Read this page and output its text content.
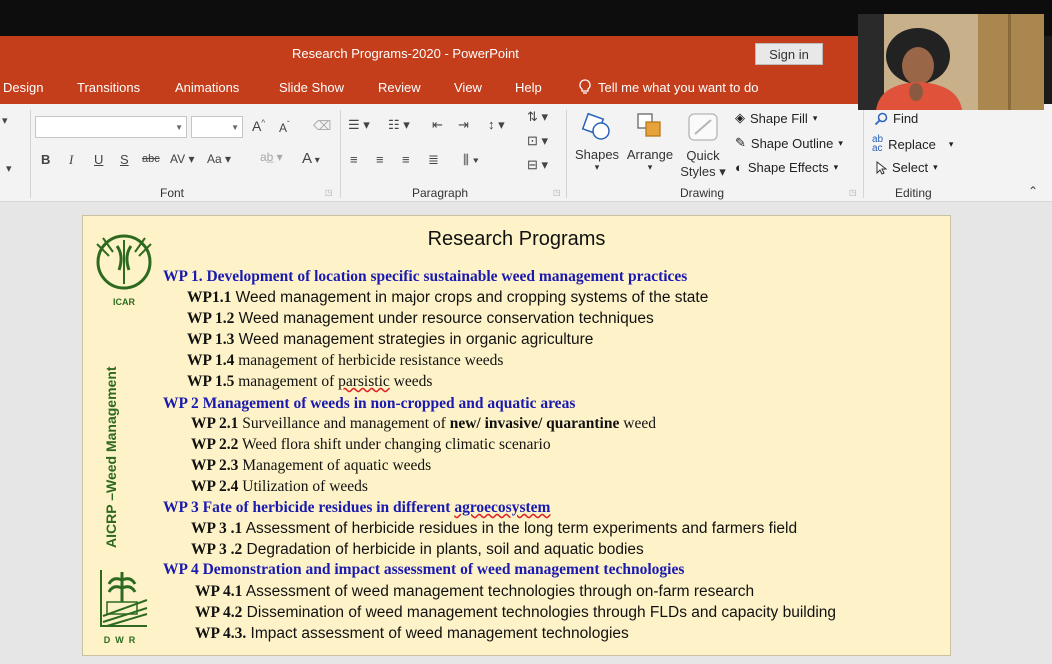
Research Programs-2020 - PowerPoint	Sign in
Design	Transitions	Animations	Slide Show	Review	View	Help	Tell me what you want to do
▾
▾
▼	▼ A^ $A^ˇ$ ⌫
B I U S abc AV ▾ Aa ▾ ab̲ ▾ A ▾
Font	◳
☰ ▾ ☷ ▾ ⇤ ⇥ ↕ ▾
⇅ ▾
⊡ ▾
⊟ ▾
≡ ≡ ≡ ≣ ⫼ ▾
Paragraph	◳
Shapes
▾
Arrange
▾
Quick
Styles ▾
◈ Shape Fill ▾
✎ Shape Outline ▾
◐ Shape Effects ▾
Drawing	◳
Find
ab
ac Replace ▾
Select ▾
Editing	⌃
Research Programs
ICAR
AICRP –Weed Management
DWR
WP 1. Development of location specific sustainable weed management practices
WP1.1 Weed management in major crops and cropping systems of the state
WP 1.2 Weed management under resource conservation techniques
WP 1.3 Weed management strategies in organic agriculture
WP 1.4 management of herbicide resistance weeds
WP 1.5 management of parsistic weeds
WP 2 Management of weeds in non-cropped and aquatic areas
WP 2.1 Surveillance and management of new/ invasive/ quarantine weed
WP 2.2 Weed flora shift under changing climatic scenario
WP 2.3 Management of aquatic weeds
WP 2.4 Utilization of weeds
WP 3 Fate of herbicide residues in different agroecosystem
WP 3 .1 Assessment of herbicide residues in the long term experiments and farmers field
WP 3 .2 Degradation of herbicide in plants, soil and aquatic bodies
WP 4 Demonstration and impact assessment of weed management technologies
WP 4.1 Assessment of weed management technologies through on-farm research
WP 4.2 Dissemination of weed management technologies through FLDs and capacity building
WP 4.3. Impact assessment of weed management technologies
